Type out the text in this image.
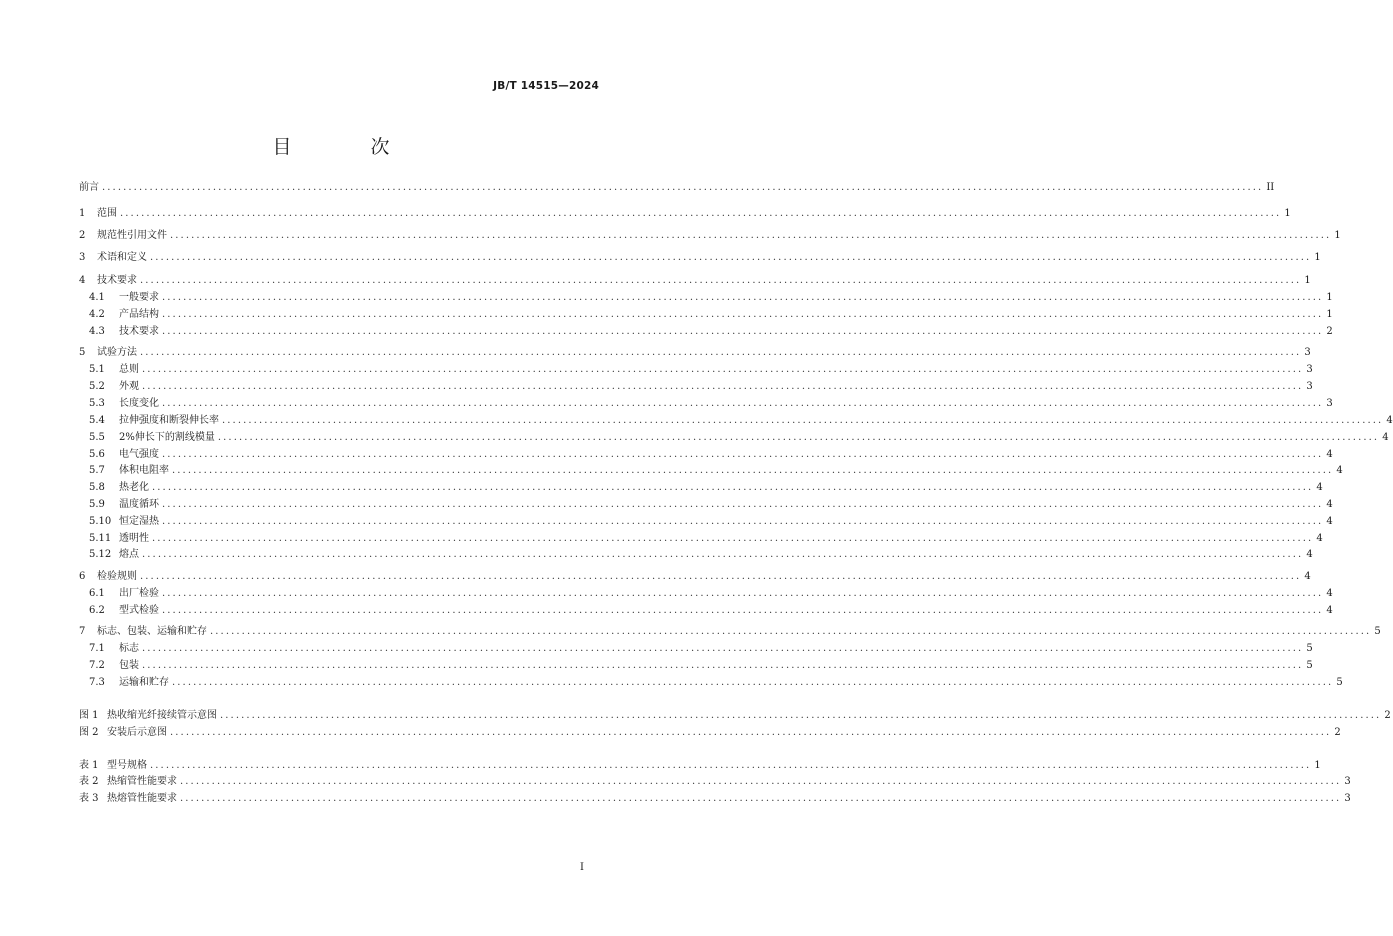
JB/T 14515—2024
目　次
前言 ............................................................................................................................................................................................................................ II
1	范围 ............................................................................................................................................................................................................................ 1
2	规范性引用文件 ............................................................................................................................................................................................................................ 1
3	术语和定义 ............................................................................................................................................................................................................................ 1
4	技术要求 ............................................................................................................................................................................................................................ 1
4.1	一般要求 ............................................................................................................................................................................................................................ 1
4.2	产品结构 ............................................................................................................................................................................................................................ 1
4.3	技术要求 ............................................................................................................................................................................................................................ 2
5	试验方法 ............................................................................................................................................................................................................................ 3
5.1	总则 ............................................................................................................................................................................................................................ 3
5.2	外观 ............................................................................................................................................................................................................................ 3
5.3	长度变化 ............................................................................................................................................................................................................................ 3
5.4	拉伸强度和断裂伸长率 ............................................................................................................................................................................................................................ 4
5.5	2%伸长下的割线模量 ............................................................................................................................................................................................................................ 4
5.6	电气强度 ............................................................................................................................................................................................................................ 4
5.7	体积电阻率 ............................................................................................................................................................................................................................ 4
5.8	热老化 ............................................................................................................................................................................................................................ 4
5.9	温度循环 ............................................................................................................................................................................................................................ 4
5.10 恒定湿热 ............................................................................................................................................................................................................................ 4
5.11 透明性 ............................................................................................................................................................................................................................ 4
5.12 熔点 ............................................................................................................................................................................................................................ 4
6	检验规则 ............................................................................................................................................................................................................................ 4
6.1	出厂检验 ............................................................................................................................................................................................................................ 4
6.2	型式检验 ............................................................................................................................................................................................................................ 4
7	标志、包装、运输和贮存 ............................................................................................................................................................................................................................ 5
7.1	标志 ............................................................................................................................................................................................................................ 5
7.2	包装 ............................................................................................................................................................................................................................ 5
7.3	运输和贮存 ............................................................................................................................................................................................................................ 5
图 1 热收缩光纤接续管示意图 ............................................................................................................................................................................................................................ 2
图 2 安装后示意图 ............................................................................................................................................................................................................................ 2
表 1 型号规格 ............................................................................................................................................................................................................................ 1
表 2 热缩管性能要求 ............................................................................................................................................................................................................................ 3
表 3 热熔管性能要求 ............................................................................................................................................................................................................................ 3
I
